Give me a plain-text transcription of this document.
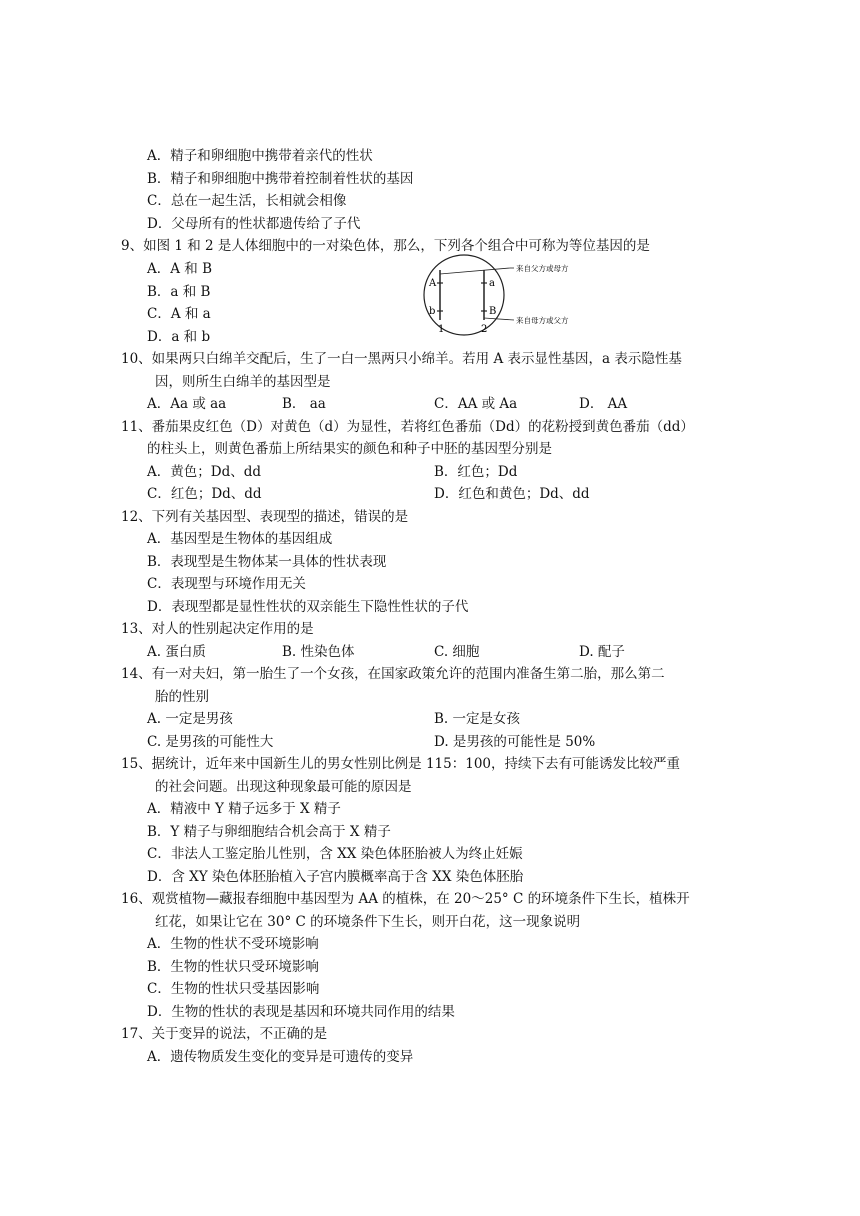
A．精子和卵细胞中携带着亲代的性状
B．精子和卵细胞中携带着控制着性状的基因
C．总在一起生活，长相就会相像
D．父母所有的性状都遗传给了子代
9、如图 1 和 2 是人体细胞中的一对染色体，那么，下列各个组合中可称为等位基因的是
A．A 和 B
B．a 和 B
C．A 和 a
D．a 和 b
A
b
1
a
B
2
来自父方或母方
来自母方或父方
10、如果两只白绵羊交配后，生了一白一黑两只小绵羊。若用 A 表示显性基因，a 表示隐性基
因，则所生白绵羊的基因型是
A．Aa 或 aa	B． aa	C．AA 或 Aa	D． AA
11、番茄果皮红色（D）对黄色（d）为显性，若将红色番茄（Dd）的花粉授到黄色番茄（dd）
的柱头上，则黄色番茄上所结果实的颜色和种子中胚的基因型分别是
A．黄色；Dd、dd	B．红色；Dd
C．红色；Dd、dd	D．红色和黄色；Dd、dd
12、下列有关基因型、表现型的描述，错误的是
A．基因型是生物体的基因组成
B．表现型是生物体某一具体的性状表现
C．表现型与环境作用无关
D．表现型都是显性性状的双亲能生下隐性性状的子代
13、对人的性别起决定作用的是
A. 蛋白质	B. 性染色体	C. 细胞	D. 配子
14、有一对夫妇，第一胎生了一个女孩，在国家政策允许的范围内准备生第二胎，那么第二
胎的性别
A. 一定是男孩	B. 一定是女孩
C. 是男孩的可能性大	D. 是男孩的可能性是 50%
15、据统计，近年来中国新生儿的男女性别比例是 115：100，持续下去有可能诱发比较严重
的社会问题。出现这种现象最可能的原因是
A．精液中 Y 精子远多于 X 精子
B．Y 精子与卵细胞结合机会高于 X 精子
C．非法人工鉴定胎儿性别，含 XX 染色体胚胎被人为终止妊娠
D．含 XY 染色体胚胎植入子宫内膜概率高于含 XX 染色体胚胎
16、观赏植物—藏报春细胞中基因型为 AA 的植株，在 20～25° C 的环境条件下生长，植株开
红花，如果让它在 30° C 的环境条件下生长，则开白花，这一现象说明
A．生物的性状不受环境影响
B．生物的性状只受环境影响
C．生物的性状只受基因影响
D．生物的性状的表现是基因和环境共同作用的结果
17、关于变异的说法，不正确的是
A．遗传物质发生变化的变异是可遗传的变异
